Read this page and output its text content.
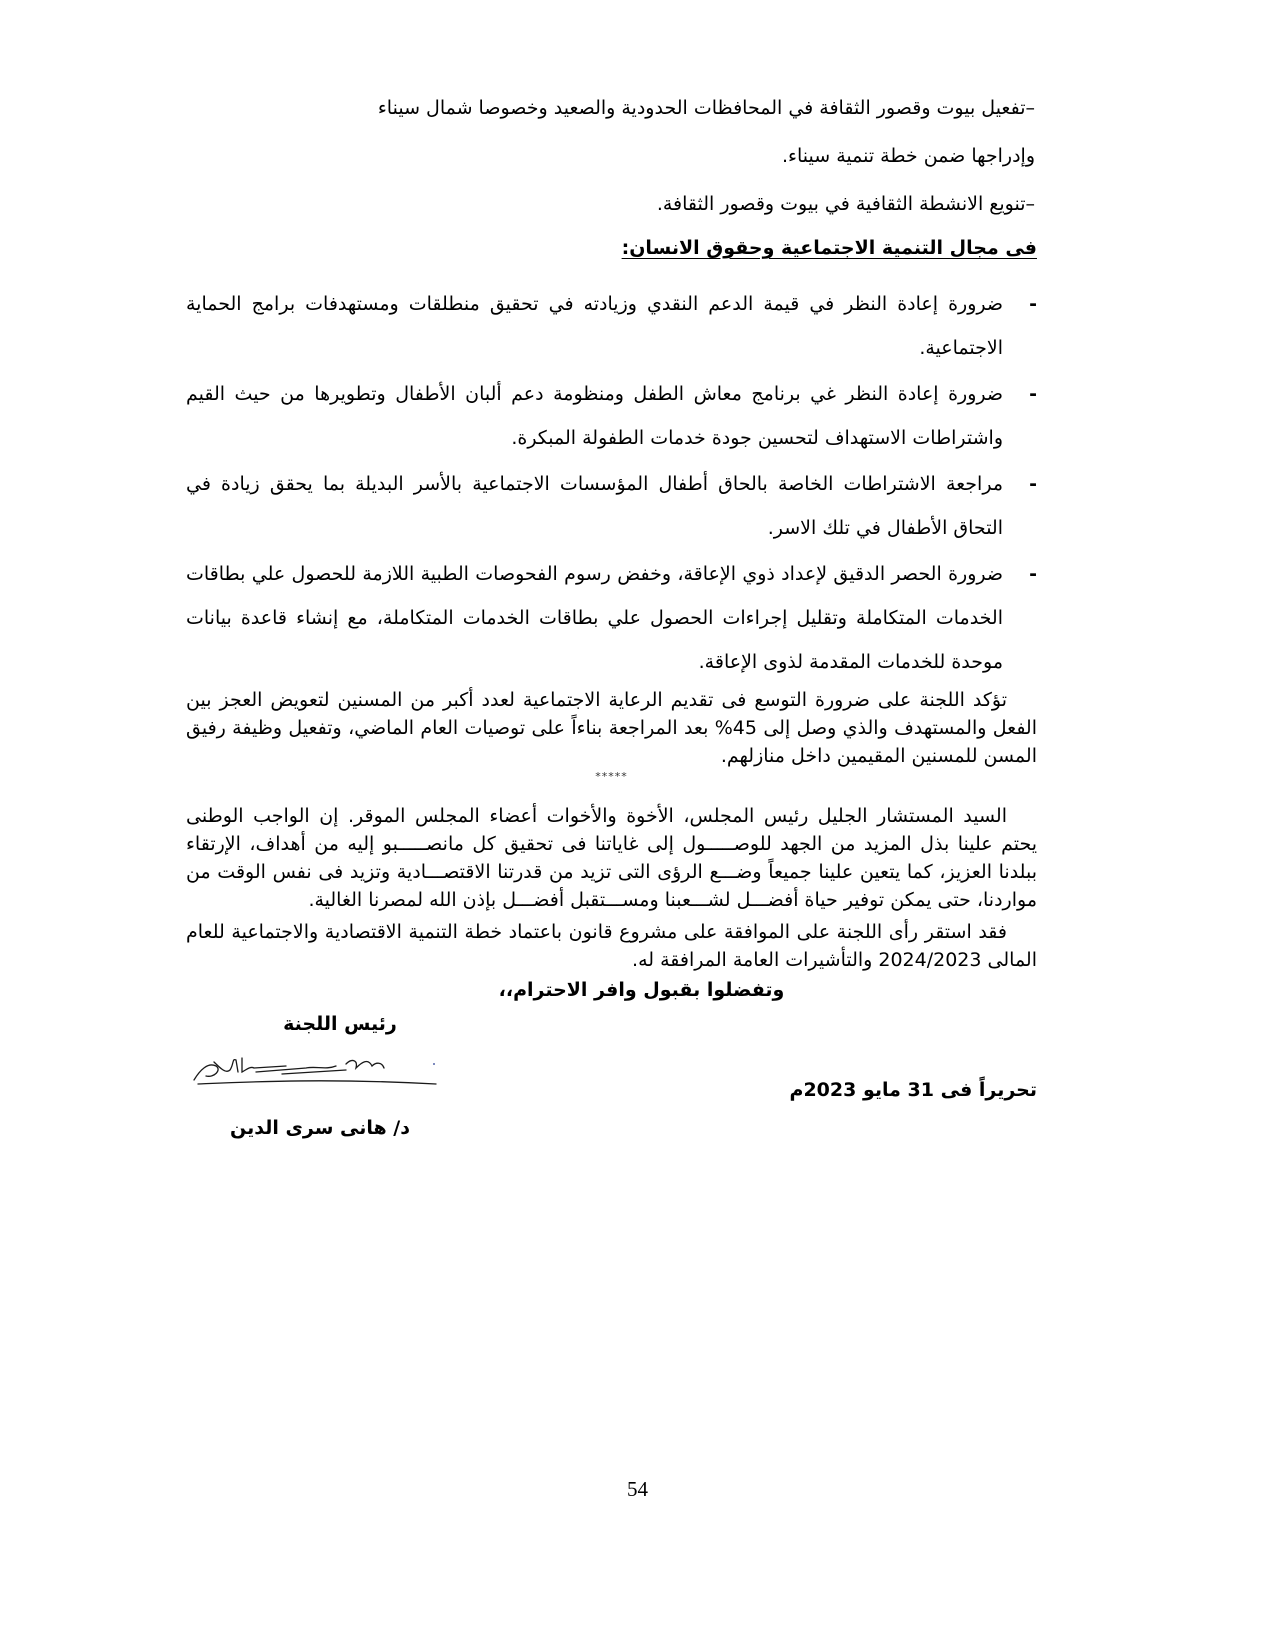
–تفعيل بيوت وقصور الثقافة في المحافظات الحدودية والصعيد وخصوصا شمال سيناء
وإدراجها ضمن خطة تنمية سيناء.
–تنويع الانشطة الثقافية في بيوت وقصور الثقافة.
فى مجال التنمية الاجتماعية وحقوق الانسان:
-
ضرورة إعادة النظر في قيمة الدعم النقدي وزيادته في تحقيق منطلقات ومستهدفات برامج الحماية الاجتماعية.
-
ضرورة إعادة النظر غي برنامج معاش الطفل ومنظومة دعم ألبان الأطفال وتطويرها من حيث القيم واشتراطات الاستهداف لتحسين جودة خدمات الطفولة المبكرة.
-
مراجعة الاشتراطات الخاصة بالحاق أطفال المؤسسات الاجتماعية بالأسر البديلة بما يحقق زيادة في التحاق الأطفال في تلك الاسر.
-
ضرورة الحصر الدقيق لإعداد ذوي الإعاقة، وخفض رسوم الفحوصات الطبية اللازمة للحصول علي بطاقات الخدمات المتكاملة وتقليل إجراءات الحصول علي بطاقات الخدمات المتكاملة، مع إنشاء قاعدة بيانات موحدة للخدمات المقدمة لذوى الإعاقة.

تؤكد اللجنة على ضرورة التوسع فى تقديم الرعاية الاجتماعية لعدد أكبر من المسنين لتعويض العجز بين الفعل والمستهدف والذي وصل إلى 45% بعد المراجعة بناءاً على توصيات العام الماضي، وتفعيل وظيفة رفيق المسن للمسنين المقيمين داخل منازلهم.

*****

السيد المستشار الجليل رئيس المجلس، الأخوة والأخوات أعضاء المجلس الموقر. إن الواجب الوطنى يحتم علينا بذل المزيد من الجهد للوصـــــول إلى غاياتنا فى تحقيق كل مانصـــــبو إليه من أهداف، الإرتقاء ببلدنا العزيز، كما يتعين علينا جميعاً وضـــع الرؤى التى تزيد من قدرتنا الاقتصـــادية وتزيد فى نفس الوقت من مواردنا، حتى يمكن توفير حياة أفضـــل لشـــعبنا ومســـتقبل أفضـــل بإذن الله لمصرنا الغالية.

فقد استقر رأى اللجنة على الموافقة على مشروع قانون باعتماد خطة التنمية الاقتصادية والاجتماعية للعام المالى 2024/2023 والتأشيرات العامة المرافقة له.

وتفضلوا بقبول وافر الاحترام،،
رئيس اللجنة
تحريراً فى 31 مايو 2023م
د/ هانى سرى الدين
54
